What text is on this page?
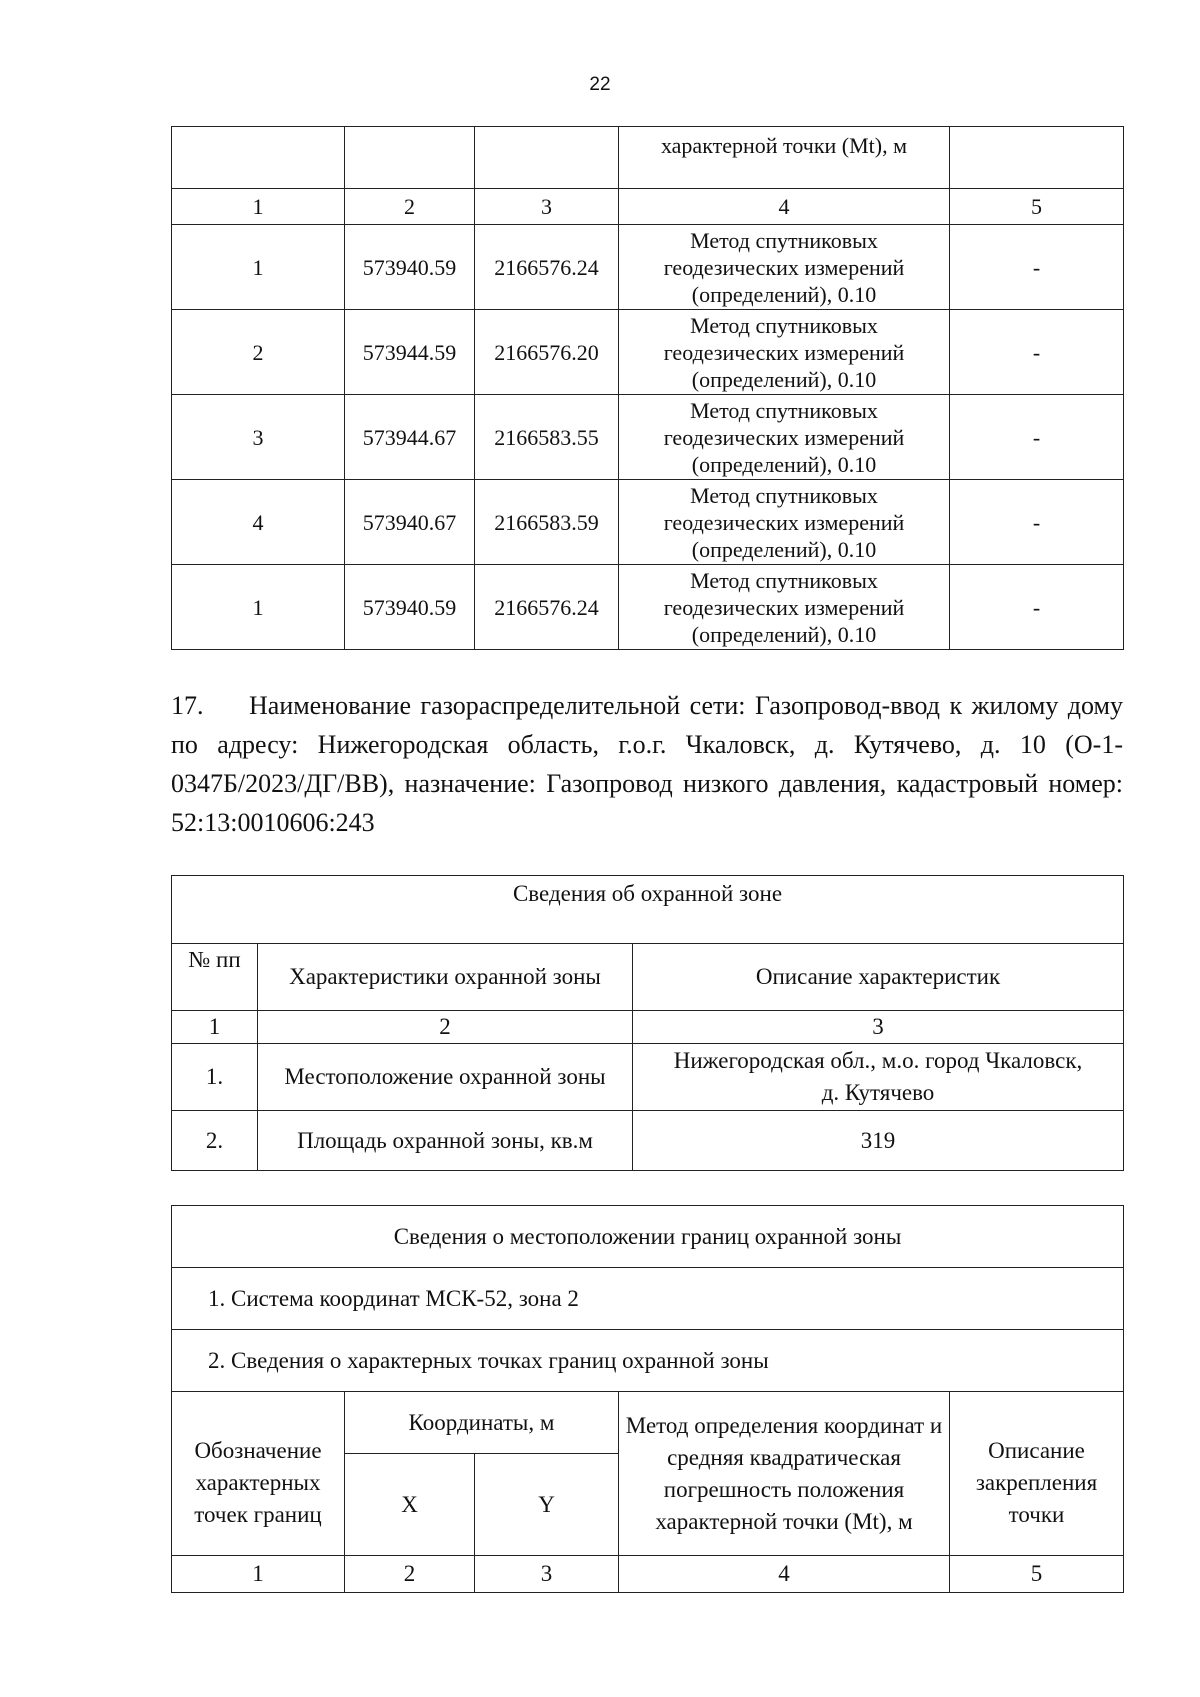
22
			характерной точки (Mt), м	
1	2	3	4	5
1	573940.59	2166576.24	Метод спутниковых
геодезических измерений
(определений), 0.10	-
2	573944.59	2166576.20	Метод спутниковых
геодезических измерений
(определений), 0.10	-
3	573944.67	2166583.55	Метод спутниковых
геодезических измерений
(определений), 0.10	-
4	573940.67	2166583.59	Метод спутниковых
геодезических измерений
(определений), 0.10	-
1	573940.59	2166576.24	Метод спутниковых
геодезических измерений
(определений), 0.10	-
17. Наименование газораспределительной сети: Газопровод-ввод к жилому дому по адресу: Нижегородская область, г.о.г. Чкаловск, д. Кутячево, д. 10 (О-1-0347Б/2023/ДГ/ВВ), назначение: Газопровод низкого давления, кадастровый номер: 52:13:0010606:243
Сведения об охранной зоне		
№ пп	Характеристики охранной зоны	Описание характеристик
1	2	3
1.	Местоположение охранной зоны	Нижегородская обл., м.о. город Чкаловск, д. Кутячево
2.	Площадь охранной зоны, кв.м	319
Сведения о местоположении границ охранной зоны				
1. Система координат МСК-52, зона 2				
2. Сведения о характерных точках границ охранной зоны				
Обозначение характерных точек границ	Координаты, м		Метод определения координат и средняя квадратическая погрешность положения характерной точки (Mt), м	Описание закрепления точки
	X	Y		
1	2	3	4	5
